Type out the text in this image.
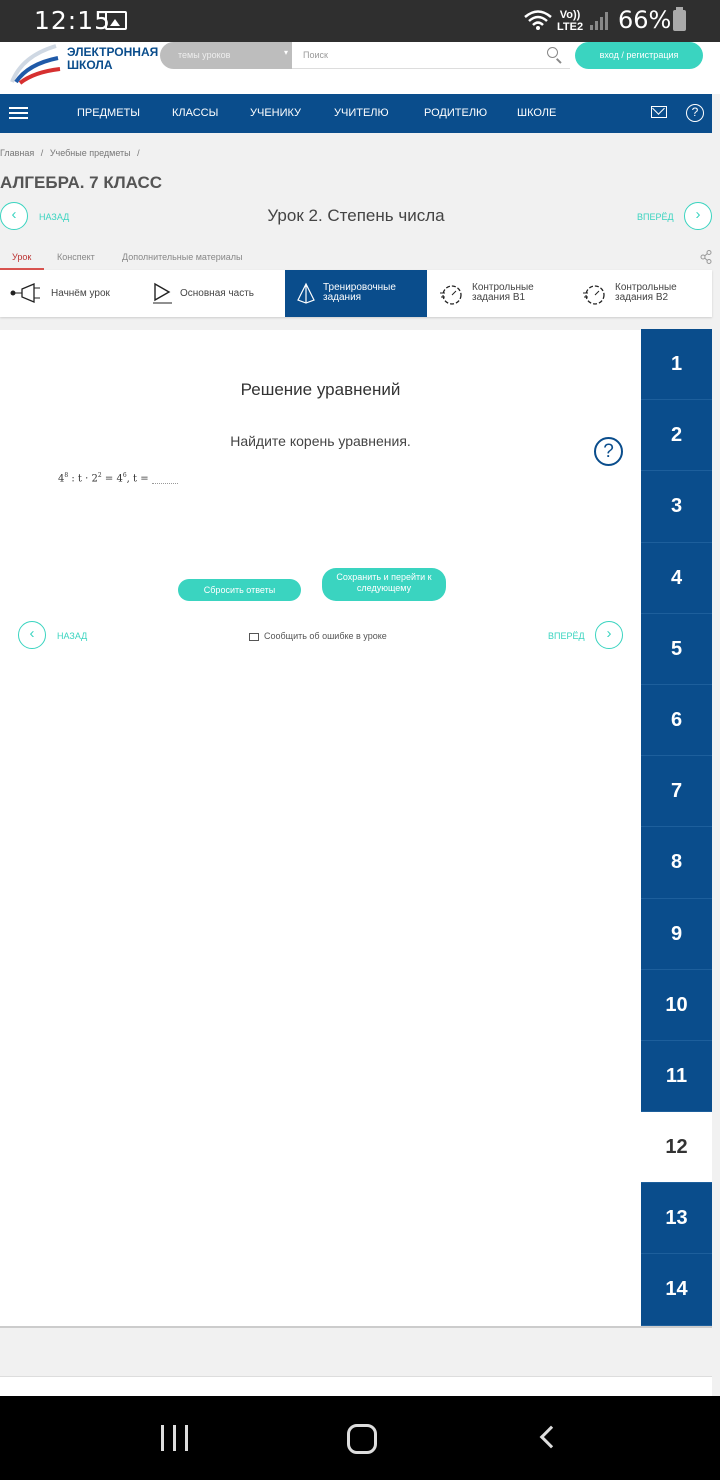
12:15	Vo))
LTE2 66%
ЭЛЕКТРОННАЯ
ШКОЛА
темы уроков ▾	Поиск	вход / регистрация
ПРЕДМЕТЫ	КЛАССЫ	УЧЕНИКУ	УЧИТЕЛЮ	РОДИТЕЛЮ	ШКОЛЕ	?
Главная / Учебные предметы /
АЛГЕБРА. 7 КЛАСС
‹	НАЗАД	Урок 2. Степень числа	ВПЕРЁД	›
Урок	Конспект	Дополнительные материалы
Начнём урок	Основная часть
Тренировочные
задания
Контрольные
задания В1
Контрольные
задания В2
Решение уравнений
Найдите корень уравнения.	?
$4^8$ : $t \cdot 2^2 = 4^6$, t =
Сбросить ответы
Сохранить и перейти к следующему
‹	НАЗАД	Сообщить об ошибке в уроке	ВПЕРЁД	›
1
2
3
4
5
6
7
8
9
10
11
12
13
14
